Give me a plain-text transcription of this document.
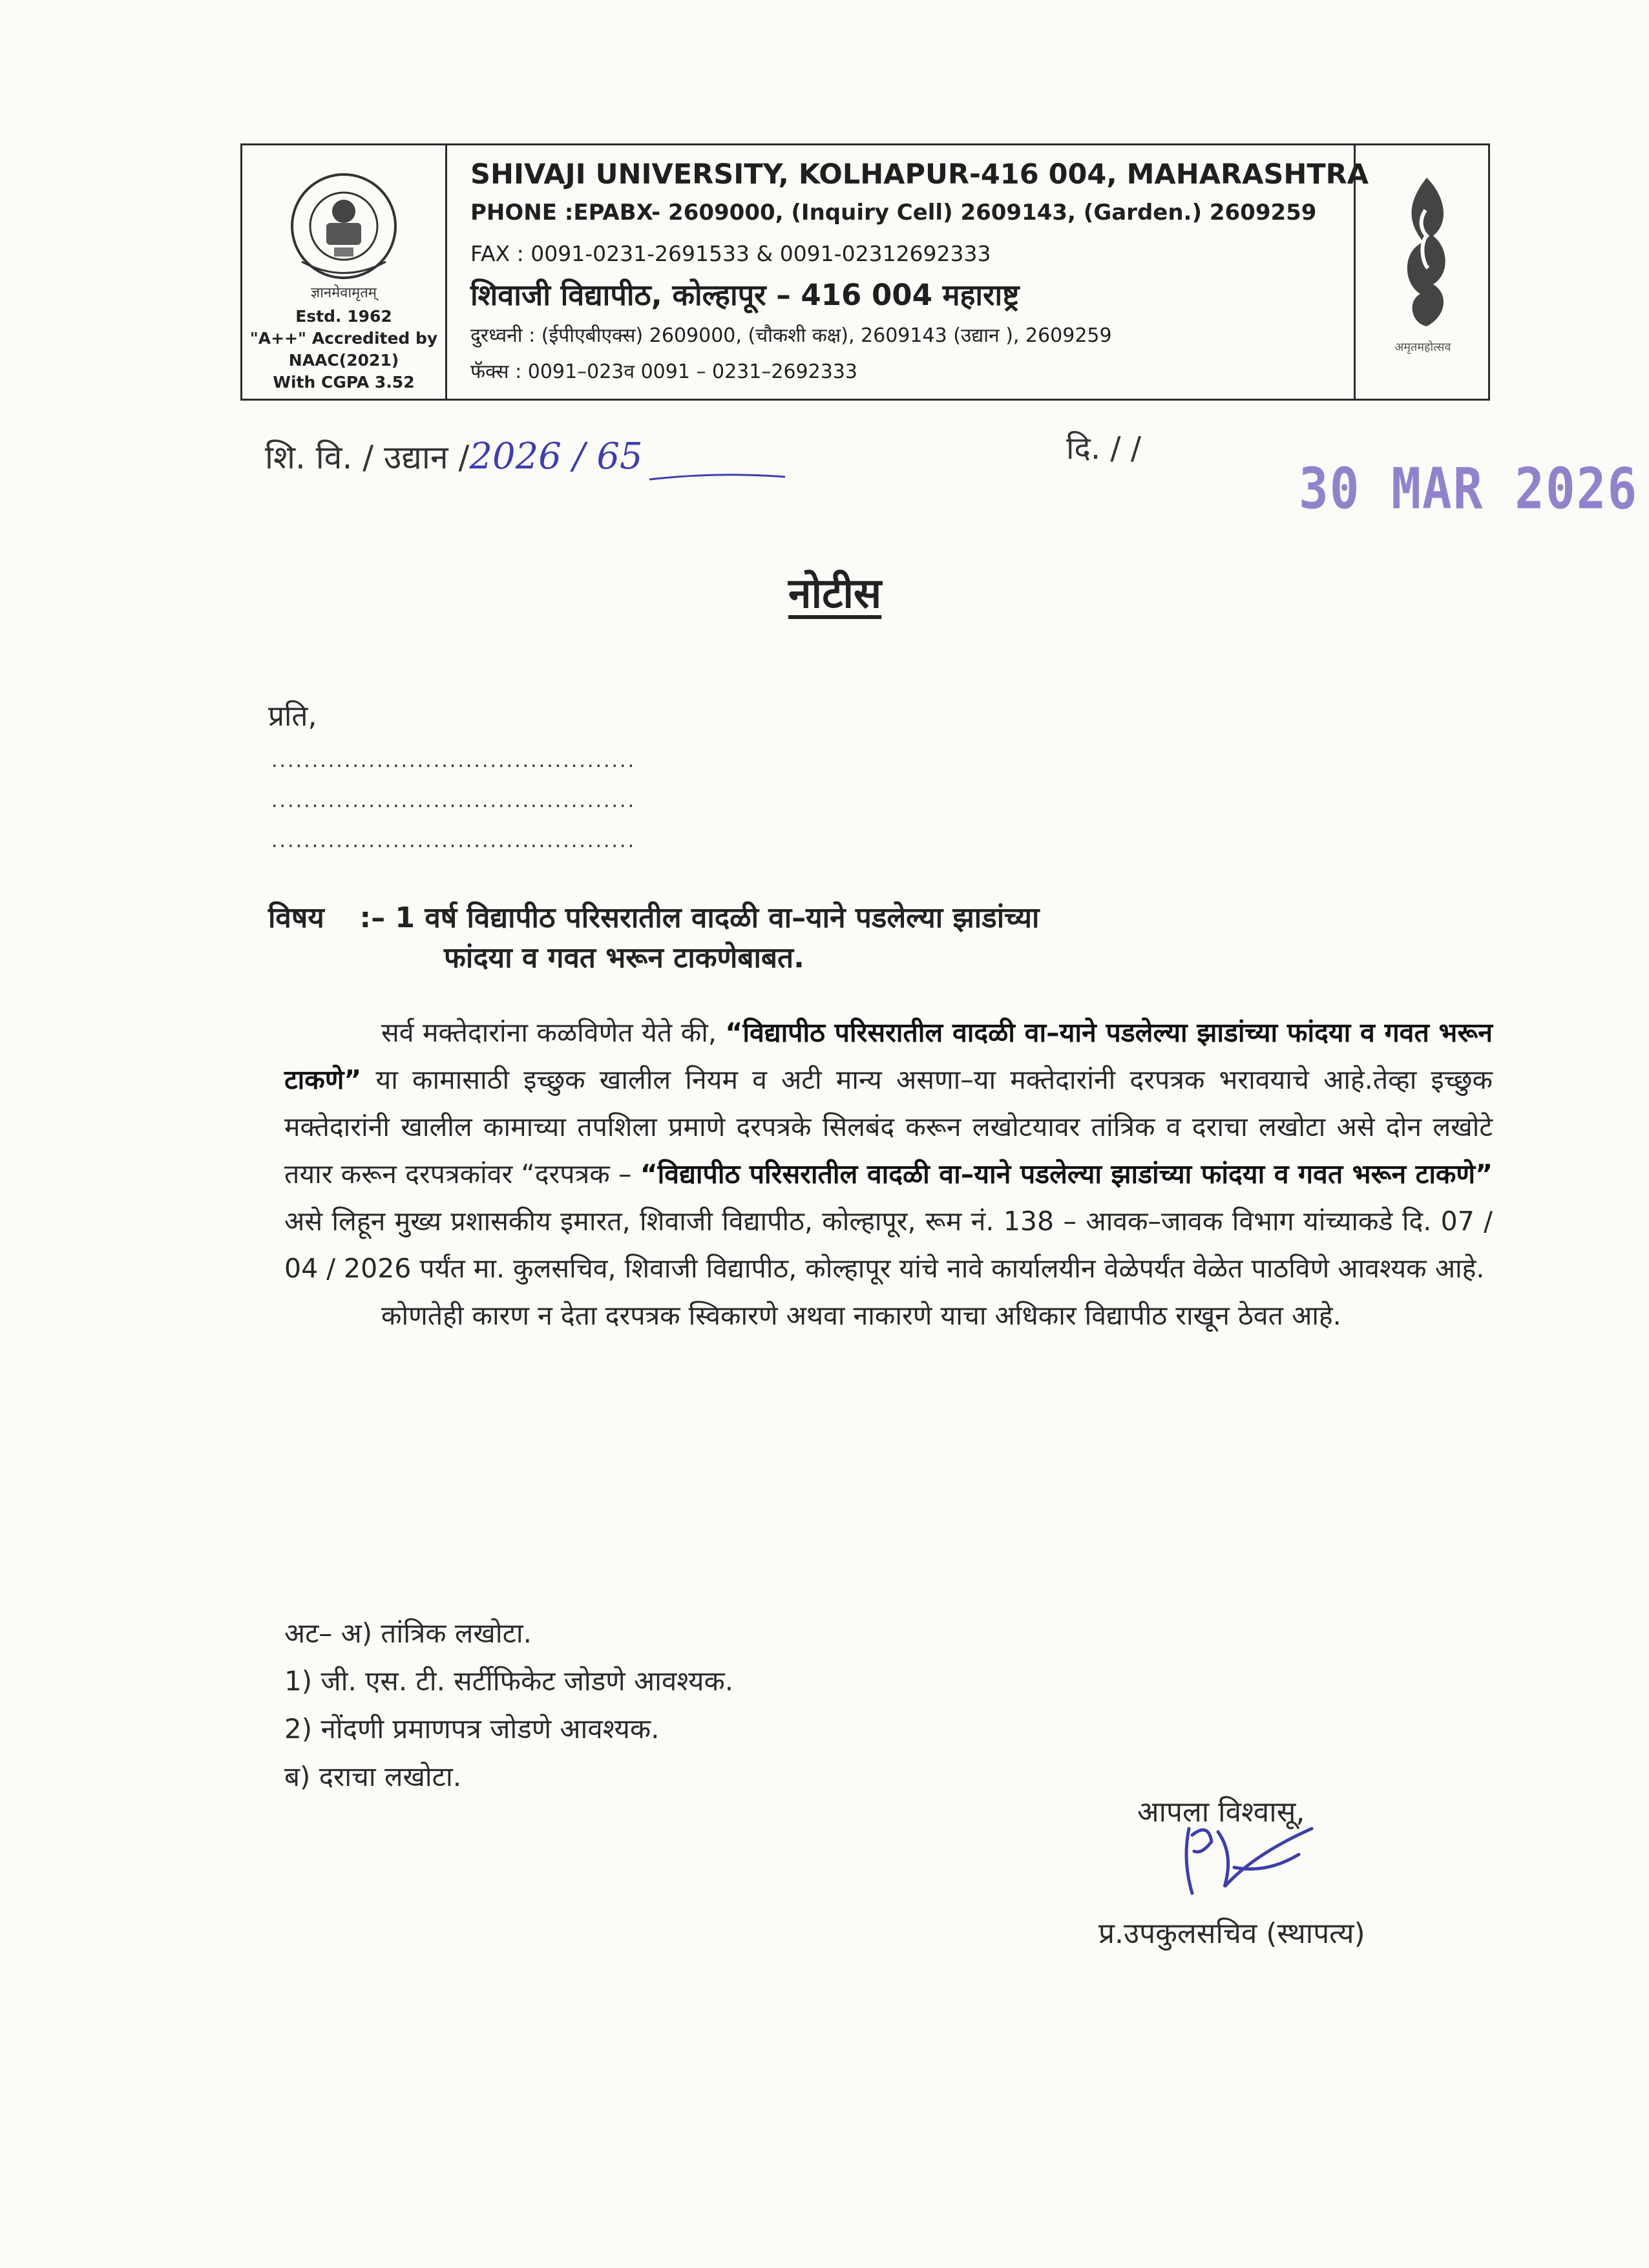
ज्ञानमेवामृतम्
Estd. 1962
"A++" Accredited by
NAAC(2021)
With CGPA 3.52
SHIVAJI UNIVERSITY, KOLHAPUR-416 004, MAHARASHTRA
PHONE :EPABX- 2609000, (Inquiry Cell) 2609143, (Garden.) 2609259
FAX : 0091-0231-2691533 & 0091-02312692333
शिवाजी विद्यापीठ, कोल्हापूर – 416 004 महाराष्ट्र
दुरध्वनी : (ईपीएबीएक्स) 2609000, (चौकशी कक्ष), 2609143 (उद्यान ), 2609259
फॅक्स : 0091–023व 0091 – 0231–2692333
अमृतमहोत्सव
शि. वि. / उद्यान /2026 / 65	दि. / /
30 MAR 2026
नोटीस
प्रति,
.............................................
.............................................
.............................................
विषय :– 1 वर्ष विद्यापीठ परिसरातील वादळी वा–याने पडलेल्या झाडांच्या
फांदया व गवत भरून टाकणेबाबत.
सर्व मक्तेदारांना कळविणेत येते की, “विद्यापीठ परिसरातील वादळी वा–याने पडलेल्या झाडांच्या फांदया व गवत भरून टाकणे” या कामासाठी इच्छुक खालील नियम व अटी मान्य असणा–या मक्तेदारांनी दरपत्रक भरावयाचे आहे.तेव्हा इच्छुक मक्तेदारांनी खालील कामाच्या तपशिला प्रमाणे दरपत्रके सिलबंद करून लखोटयावर तांत्रिक व दराचा लखोटा असे दोन लखोटे तयार करून दरपत्रकांवर “दरपत्रक – “विद्यापीठ परिसरातील वादळी वा–याने पडलेल्या झाडांच्या फांदया व गवत भरून टाकणे” असे लिहून मुख्य प्रशासकीय इमारत, शिवाजी विद्यापीठ, कोल्हापूर, रूम नं. 138 – आवक–जावक विभाग यांच्याकडे दि. 07 / 04 / 2026 पर्यंत मा. कुलसचिव, शिवाजी विद्यापीठ, कोल्हापूर यांचे नावे कार्यालयीन वेळेपर्यंत वेळेत पाठविणे आवश्यक आहे.
कोणतेही कारण न देता दरपत्रक स्विकारणे अथवा नाकारणे याचा अधिकार विद्यापीठ राखून ठेवत आहे.
अट– अ) तांत्रिक लखोटा.
1) जी. एस. टी. सर्टीफिकेट जोडणे आवश्यक.
2) नोंदणी प्रमाणपत्र जोडणे आवश्यक.
ब) दराचा लखोटा.
आपला विश्वासू,
प्र.उपकुलसचिव (स्थापत्य)
